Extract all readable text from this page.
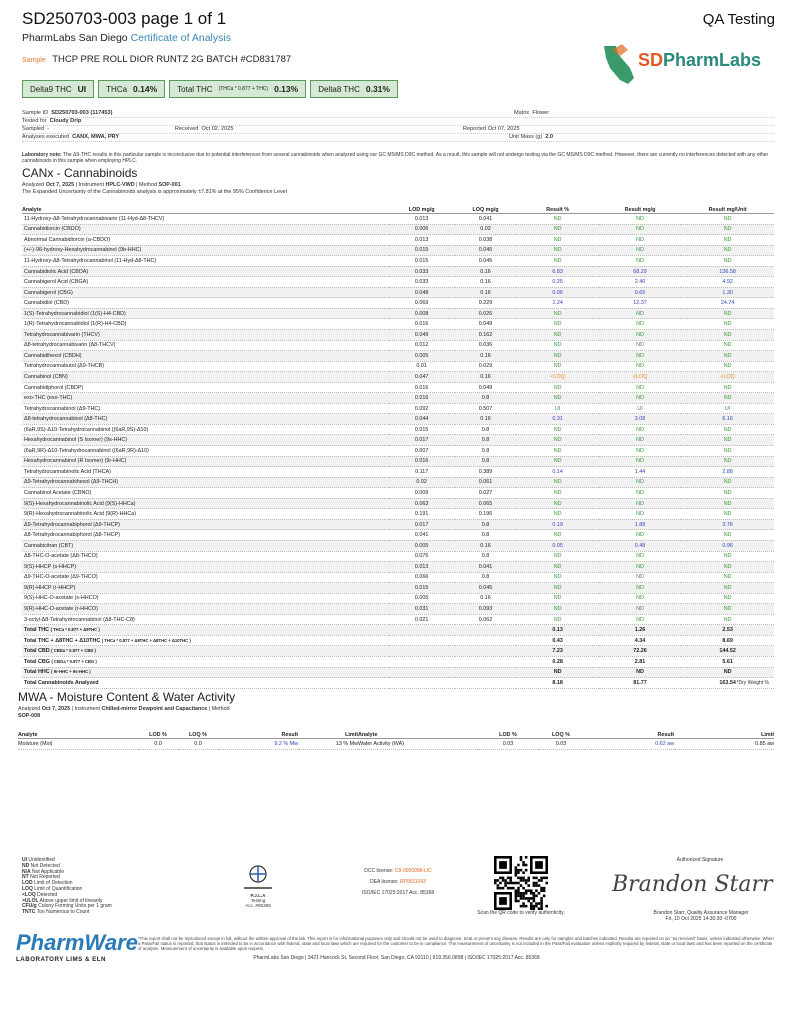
SD250703-003 page 1 of 1	QA Testing
PharmLabs San Diego Certificate of Analysis
Sample THCP PRE ROLL DIOR RUNTZ 2G BATCH #CD831787	SDPharmLabs
Delta9 THC UI	THCa 0.14%	Total THC (THCa * 0.877 + THC) 0.13%	Delta8 THC 0.31%
Sample ID SD250703-003 (117453)	Matrix Flower
Tested for Cloudy Drip
Sampled -	Received Oct 02, 2025	Reported Oct 07, 2025
Analyses executed CANX, MWA, PRY	Unit Mass (g) 2.0
Laboratory note: The Δ9-THC results in this particular sample is inconclusive due to potential interferences from several cannabinoids when analyzed using our GC MS/MS D9C method. As a result, this sample will not undergo testing via the GC MS/MS D9C method. However, there are currently no interferences detected with any other cannabinoids in this sample when employing HPLC.
CANx - Cannabinoids
Analyzed Oct 7, 2025 | Instrument HPLC-VWD | Method SOP-001
The Expanded Uncertainty of the Cannabinoids analysis is approximately ±7.81% at the 95% Confidence Level
Analyte	LOD mg/g	LOQ mg/g	Result %	Result mg/g	Result mg/Unit
11-Hydroxy-Δ8-Tetrahydrocannabivarin (11-Hyd-Δ8-THCV)	0.013	0.041	ND	ND	ND
Cannabidiorcin (CBDO)	0.006	0.02	ND	ND	ND
Abnormal Cannabidiorcin (a-CBDO)	0.013	0.038	ND	ND	ND
(+/-)-9ß-hydroxy-Hexahydrocannabinol (9b-HHC)	0.015	0.045	ND	ND	ND
11-Hydroxy-Δ8-Tetrahydrocannabinol (11-Hyd-Δ8-THC)	0.015	0.045	ND	ND	ND
Cannabidiolic Acid (CBDA)	0.033	0.16	6.83	68.29	136.58
Cannabigerol Acid (CBGA)	0.033	0.16	0.25	2.46	4.92
Cannabigerol (CBG)	0.048	0.16	0.06	0.65	1.30
Cannabidiol (CBD)	0.069	0.229	1.24	12.37	24.74
1(S)-Tetrahydrocannabidiol (1(S)-H4-CBD)	0.008	0.026	ND	ND	ND
1(R)-Tetrahydrocannabidiol (1(R)-H4-CBD)	0.016	0.049	ND	ND	ND
Tetrahydrocannabivarin (THCV)	0.049	0.162	ND	ND	ND
Δ8-tetrahydrocannabivarin (Δ8-THCV)	0.012	0.036	ND	ND	ND
Cannabidihexol (CBDH)	0.005	0.16	ND	ND	ND
Tetrahydrocannabutol (Δ9-THCB)	0.01	0.029	ND	ND	ND
Cannabinol (CBN)	0.047	0.16	<LOQ	<LOQ	<LOQ
Cannabidiphorol (CBDP)	0.016	0.049	ND	ND	ND
exo-THC (exo-THC)	0.016	0.8	ND	ND	ND
Tetrahydrocannabinol (Δ9-THC)	0.092	0.507	UI	UI	UI
Δ8-tetrahydrocannabinol (Δ8-THC)	0.044	0.16	0.31	3.08	6.16
(6aR,9S)-Δ10-Tetrahydrocannabinol ((6aR,9S)-Δ10)	0.015	0.8	ND	ND	ND
Hexahydrocannabinol (S Isomer) (9s-HHC)	0.017	0.8	ND	ND	ND
(6aR,9R)-Δ10-Tetrahydrocannabinol ((6aR,9R)-Δ10)	0.007	0.8	ND	ND	ND
Hexahydrocannabinol (R Isomer) (9r-HHC)	0.016	0.8	ND	ND	ND
Tetrahydrocannabinolic Acid (THCA)	0.117	0.389	0.14	1.44	2.88
Δ9-Tetrahydrocannabihexol (Δ9-THCH)	0.02	0.061	ND	ND	ND
Cannabinol Acetate (CBNO)	0.009	0.027	ND	ND	ND
9(S)-Hexahydrocannabinolic Acid (9(S)-HHCa)	0.063	0.065	ND	ND	ND
9(R)-Hexahydrocannabinolic Acid (9(R)-HHCa)	0.191	0.196	ND	ND	ND
Δ9-Tetrahydrocannabiphorol (Δ9-THCP)	0.017	0.8	0.19	1.88	3.76
Δ8-Tetrahydrocannabiphorol (Δ8-THCP)	0.041	0.8	ND	ND	ND
Cannabicitran (CBT)	0.005	0.16	0.05	0.48	0.96
Δ8-THC-O-acetate (Δ8-THCO)	0.076	0.8	ND	ND	ND
9(S)-HHCP (s-HHCP)	0.013	0.041	ND	ND	ND
Δ9-THC-O-acetate (Δ9-THCO)	0.066	0.8	ND	ND	ND
9(R)-HHCP (r-HHCP)	0.015	0.045	ND	ND	ND
9(S)-HHC-O-acetate (s-HHCO)	0.005	0.16	ND	ND	ND
9(R)-HHC-O-acetate (r-HHCO)	0.031	0.093	ND	ND	ND
3-octyl-Δ8-Tetrahydrocannabinol (Δ8-THC-C8)	0.021	0.062	ND	ND	ND
Total THC ( THCa * 0.877 + Δ9THC )			0.13	1.26	2.53
Total THC + Δ8THC + Δ10THC ( THCa * 0.877 + Δ9THC + Δ8THC + Δ10THC )			0.43	4.34	8.69
Total CBD ( CBDa * 0.877 + CBD )			7.23	72.26	144.52
Total CBG ( CBGa * 0.877 + CBG )			0.28	2.81	5.61
Total HHC ( 9r-HHC + 9s-HHC )			ND	ND	ND
Total Cannabinoids Analyzed			8.18	81.77	163.54 *Dry Weight %
MWA - Moisture Content & Water Activity
Analyzed Oct 7, 2025 | Instrument Chilled-mirror Dewpoint and Capacitance | Method
SOP-008
Analyte	LOD %	LOQ %	Result	Limit	Analyte	LOD %	LOQ %	Result	Limit
Moisture (Moi)	0.0	0.0	9.2 % Mw	13 % Mw	Water Activity (WA)	0.03	0.03	0.62 aw	0.85 aw
UI Unidentified
ND Not Detected
N/A Not Applicable
NT Not Reported
LOD Limit of Detection
LOQ Limit of Quantification
<LOQ Detected
>ULOL Above upper limit of linearity
CFU/g Colony Forming Units per 1 gram
TNTC Too Numerous to Count
PharmWare
LABORATORY LIMS & ELN
P.J.L.A
Testing
Acc. #85368
DCC license: C8-0000098-LIC
DEA license: RP0611043
ISO/IEC 17025:2017 Acc. 85368
Scan the QR code to verify authenticity.
Authorized Signature
Brandon Starr
Brandon Starr, Quality Assurance Manager
Fri, 10 Oct 2025 14:30:30 -0700
*This report shall not be reproduced except in full, without the written approval of the lab. This report is for informational purposes only and should not be used to diagnose, treat or prevent any disease. Results are only for samples and batches indicated. Results are reported on an "as received" basis, unless indicated otherwise. When a Pass/Fail status is reported, that status is intended to be in accordance with federal, state and local laws which are required for the customer to be in compliance. The measurement of uncertainty is not included in the Pass/Fail evaluation unless explicitly required by federal, state or local laws and has been reported on the certificate of analysis. Measurement of uncertainty is available upon request.
PharmLabs San Diego | 3421 Hancock St, Second Floor, San Diego, CA 92110 | 619.356.0898 | ISO/IEC 17025:2017 Acc. 85368
